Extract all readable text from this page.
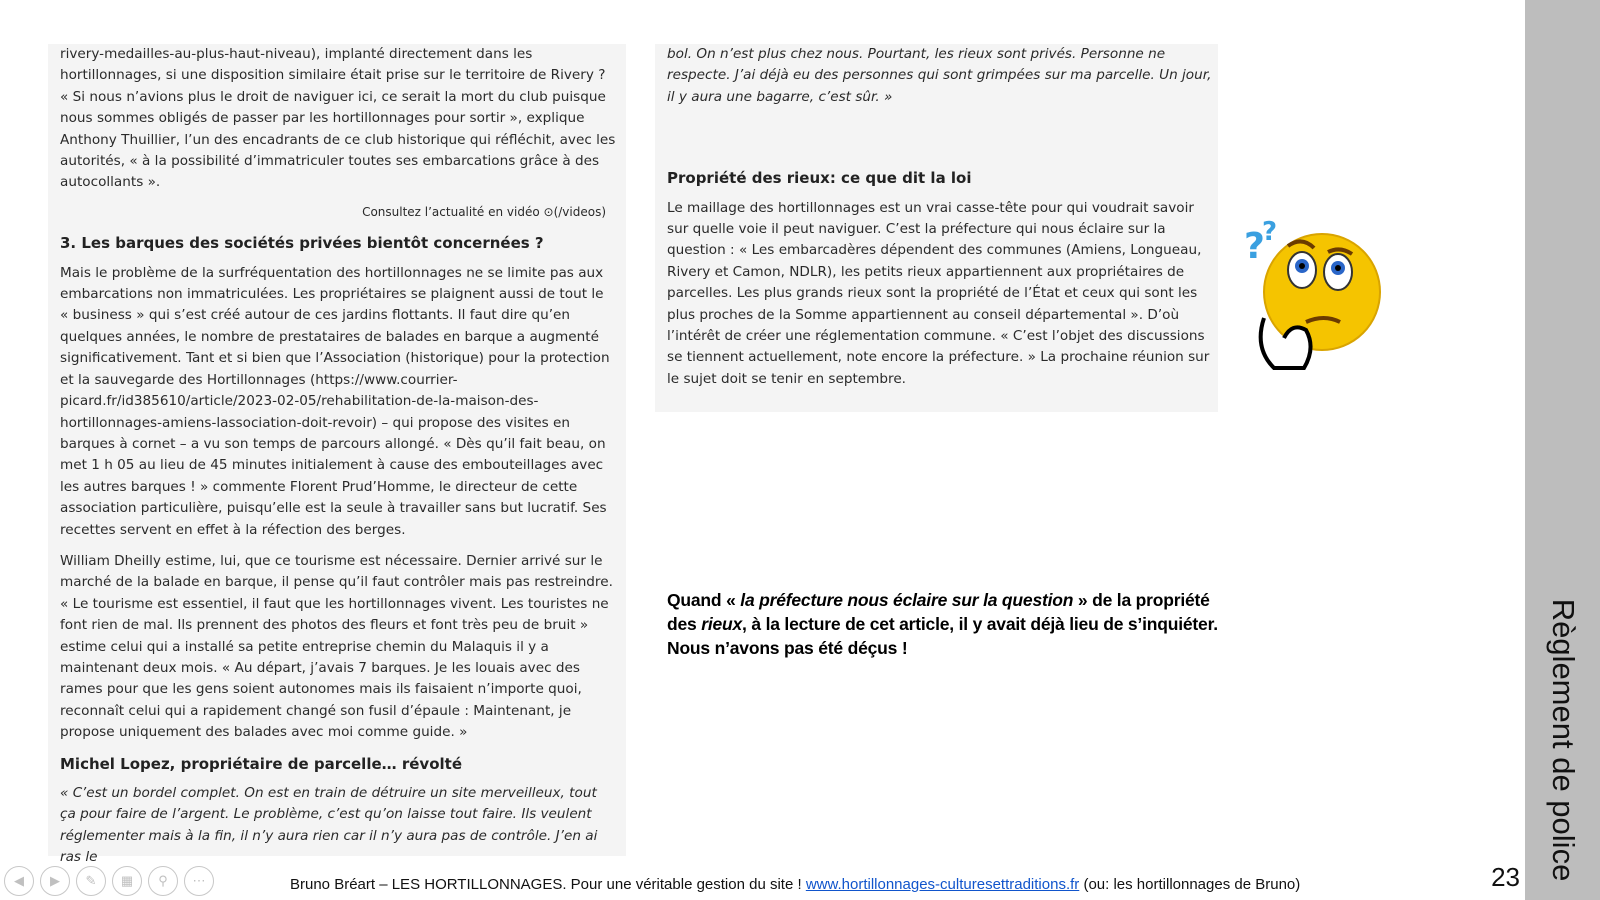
rivery-medailles-au-plus-haut-niveau), implanté directement dans les hortillonnages, si une disposition similaire était prise sur le territoire de Rivery ? « Si nous n’avions plus le droit de naviguer ici, ce serait la mort du club puisque nous sommes obligés de passer par les hortillonnages pour sortir », explique Anthony Thuillier, l’un des encadrants de ce club historique qui réfléchit, avec les autorités, « à la possibilité d’immatriculer toutes ses embarcations grâce à des autocollants ».

Consultez l’actualité en vidéo ⊙(/videos)
3. Les barques des sociétés privées bientôt concernées ?

Mais le problème de la surfréquentation des hortillonnages ne se limite pas aux embarcations non immatriculées. Les propriétaires se plaignent aussi de tout le « business » qui s’est créé autour de ces jardins flottants. Il faut dire qu’en quelques années, le nombre de prestataires de balades en barque a augmenté significativement. Tant et si bien que l’Association (historique) pour la protection et la sauvegarde des Hortillonnages (https://www.courrier-picard.fr/id385610/article/2023-02-05/rehabilitation-de-la-maison-des-hortillonnages-amiens-lassociation-doit-revoir) – qui propose des visites en barques à cornet – a vu son temps de parcours allongé. « Dès qu’il fait beau, on met 1 h 05 au lieu de 45 minutes initialement à cause des embouteillages avec les autres barques ! » commente Florent Prud’Homme, le directeur de cette association particulière, puisqu’elle est la seule à travailler sans but lucratif. Ses recettes servent en effet à la réfection des berges.

William Dheilly estime, lui, que ce tourisme est nécessaire. Dernier arrivé sur le marché de la balade en barque, il pense qu’il faut contrôler mais pas restreindre. « Le tourisme est essentiel, il faut que les hortillonnages vivent. Les touristes ne font rien de mal. Ils prennent des photos des fleurs et font très peu de bruit » estime celui qui a installé sa petite entreprise chemin du Malaquis il y a maintenant deux mois. « Au départ, j’avais 7 barques. Je les louais avec des rames pour que les gens soient autonomes mais ils faisaient n’importe quoi, reconnaît celui qui a rapidement changé son fusil d’épaule : Maintenant, je propose uniquement des balades avec moi comme guide. »

Michel Lopez, propriétaire de parcelle… révolté

« C’est un bordel complet. On est en train de détruire un site merveilleux, tout ça pour faire de l’argent. Le problème, c’est qu’on laisse tout faire. Ils veulent réglementer mais à la fin, il n’y aura rien car il n’y aura pas de contrôle. J’en ai ras le

bol. On n’est plus chez nous. Pourtant, les rieux sont privés. Personne ne respecte. J’ai déjà eu des personnes qui sont grimpées sur ma parcelle. Un jour, il y aura une bagarre, c’est sûr. »

Propriété des rieux: ce que dit la loi

Le maillage des hortillonnages est un vrai casse-tête pour qui voudrait savoir sur quelle voie il peut naviguer. C’est la préfecture qui nous éclaire sur la question : « Les embarcadères dépendent des communes (Amiens, Longueau, Rivery et Camon, NDLR), les petits rieux appartiennent aux propriétaires de parcelles. Les plus grands rieux sont la propriété de l’État et ceux qui sont les plus proches de la Somme appartiennent au conseil départemental ». D’où l’intérêt de créer une réglementation commune. « C’est l’objet des discussions se tiennent actuellement, note encore la préfecture. » La prochaine réunion sur le sujet doit se tenir en septembre.

?
?
Quand « la préfecture nous éclaire sur la question » de la propriété des rieux, à la lecture de cet article, il y avait déjà lieu de s’inquiéter. Nous n’avons pas été déçus !	Règlement de police
23
Bruno Bréart – LES HORTILLONNAGES. Pour une véritable gestion du site ! www.hortillonnages-culturesettraditions.fr (ou: les hortillonnages de Bruno)
◀	▶	✎	▦	⚲	⋯
